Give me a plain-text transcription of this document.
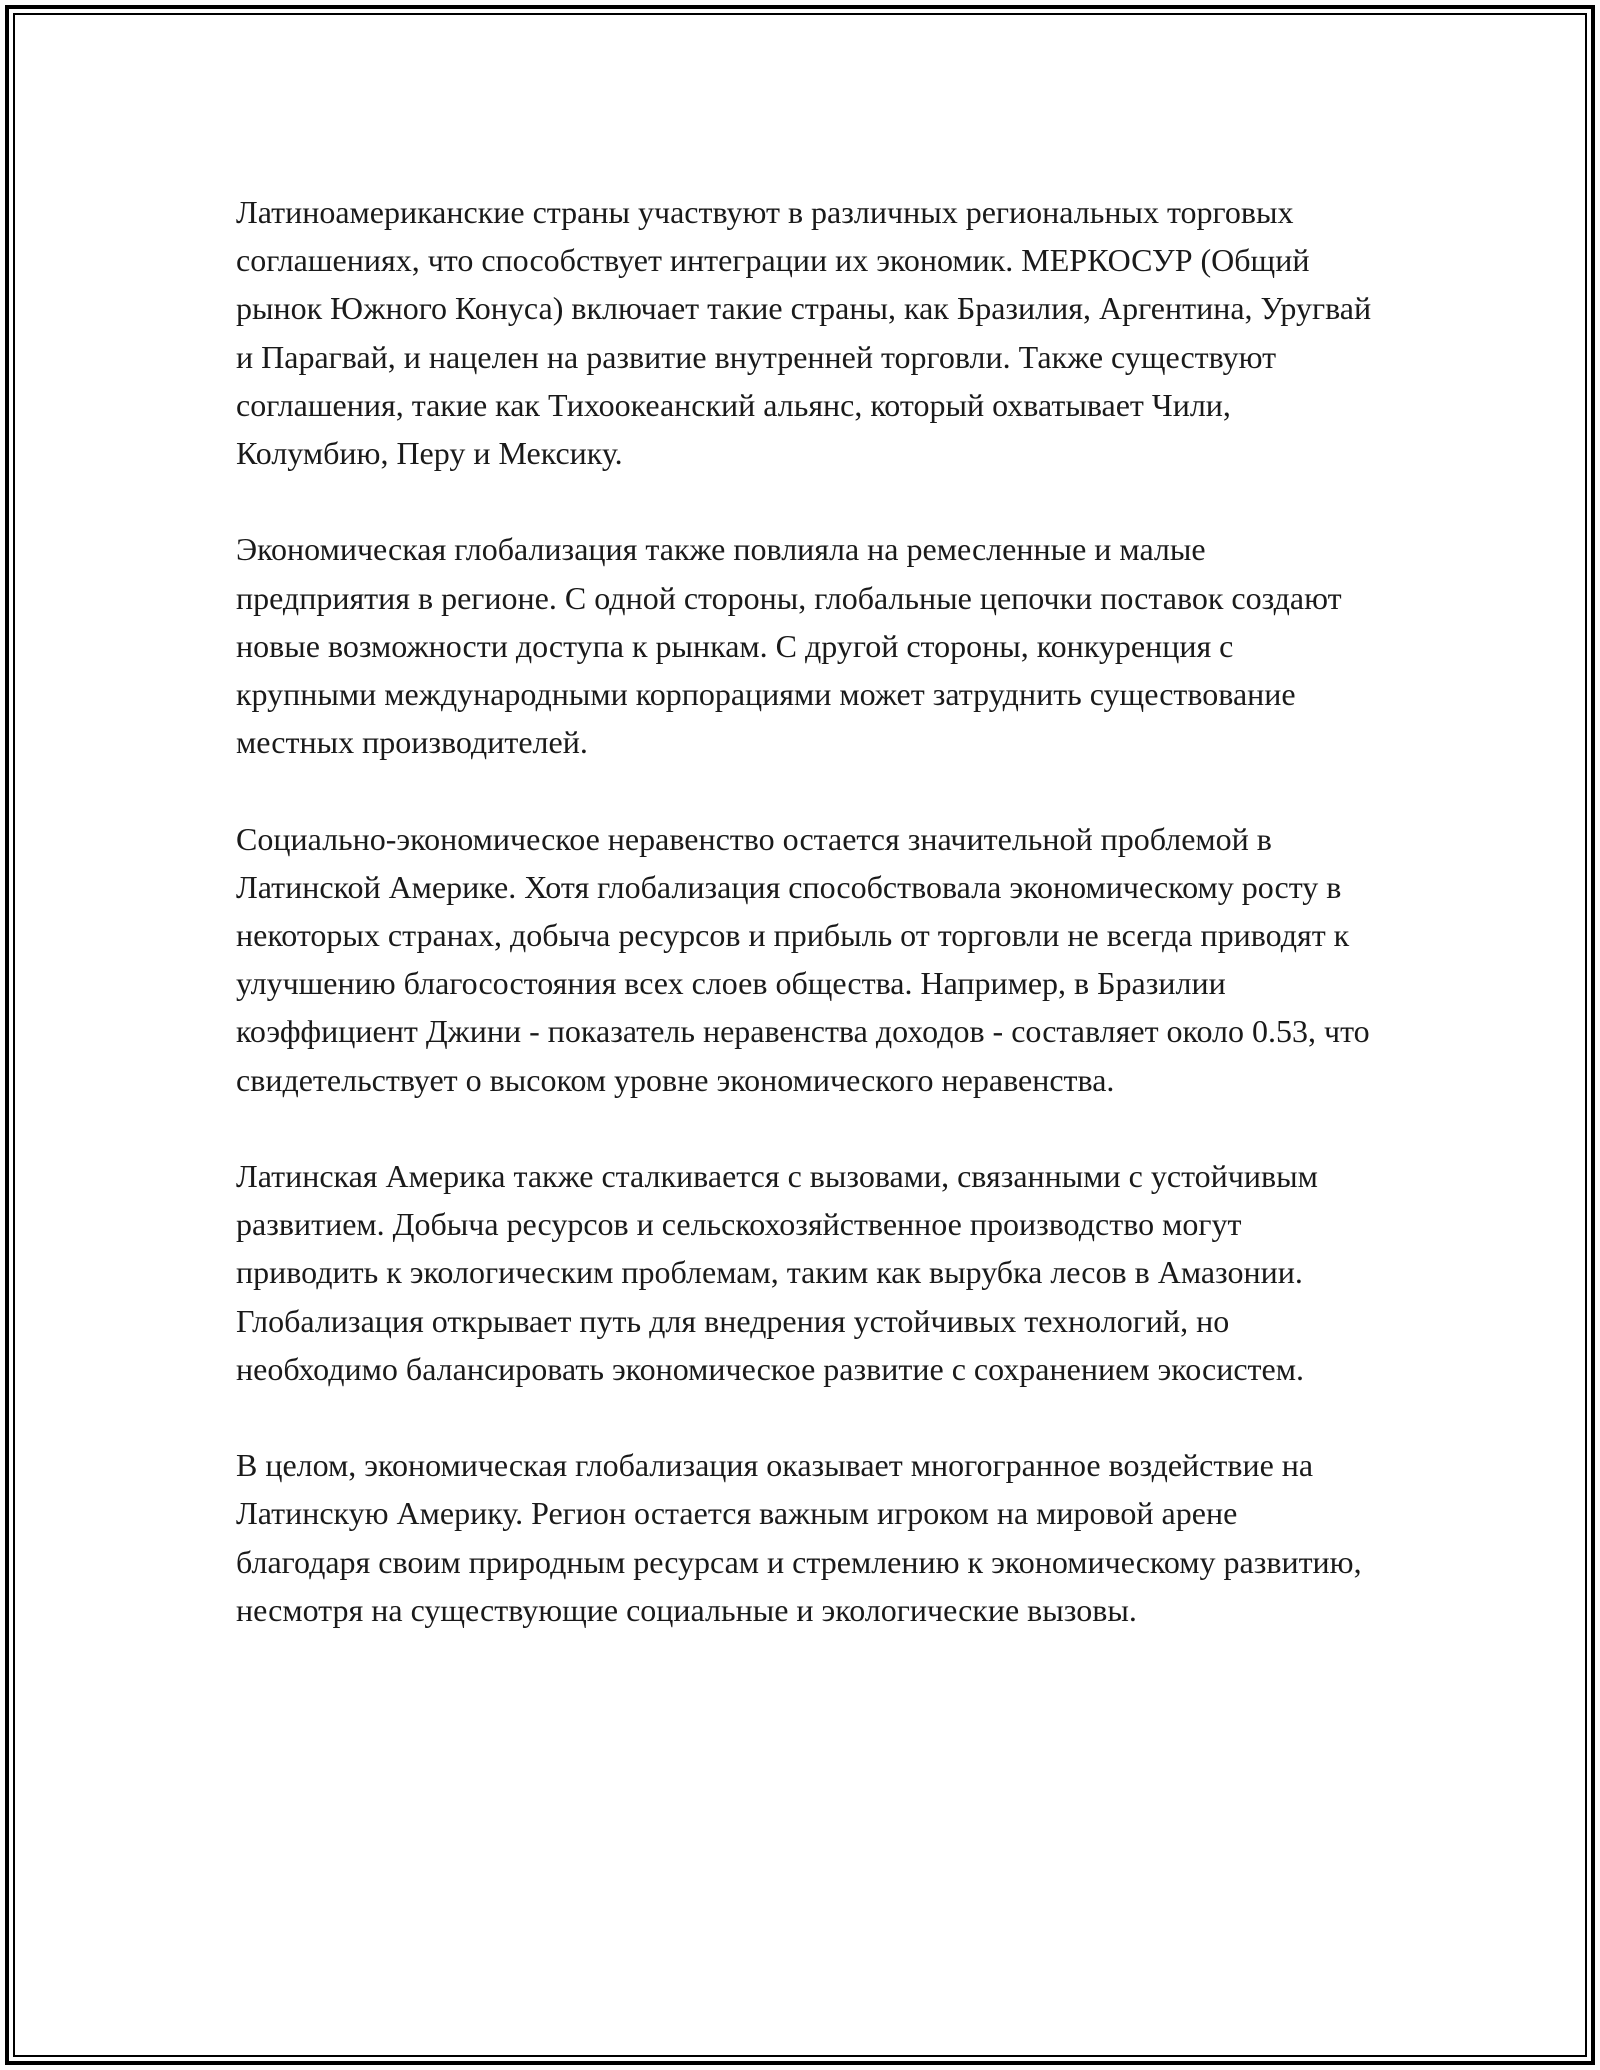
Латиноамериканские страны участвуют в различных региональных торговых соглашениях, что способствует интеграции их экономик. МЕРКОСУР (Общий рынок Южного Конуса) включает такие страны, как Бразилия, Аргентина, Уругвай и Парагвай, и нацелен на развитие внутренней торговли. Также существуют соглашения, такие как Тихоокеанский альянс, который охватывает Чили, Колумбию, Перу и Мексику.

Экономическая глобализация также повлияла на ремесленные и малые предприятия в регионе. С одной стороны, глобальные цепочки поставок создают новые возможности доступа к рынкам. С другой стороны, конкуренция с крупными международными корпорациями может затруднить существование местных производителей.

Социально-экономическое неравенство остается значительной проблемой в Латинской Америке. Хотя глобализация способствовала экономическому росту в некоторых странах, добыча ресурсов и прибыль от торговли не всегда приводят к улучшению благосостояния всех слоев общества. Например, в Бразилии коэффициент Джини - показатель неравенства доходов - составляет около 0.53, что свидетельствует о высоком уровне экономического неравенства.

Латинская Америка также сталкивается с вызовами, связанными с устойчивым развитием. Добыча ресурсов и сельскохозяйственное производство могут приводить к экологическим проблемам, таким как вырубка лесов в Амазонии. Глобализация открывает путь для внедрения устойчивых технологий, но необходимо балансировать экономическое развитие с сохранением экосистем.

В целом, экономическая глобализация оказывает многогранное воздействие на Латинскую Америку. Регион остается важным игроком на мировой арене благодаря своим природным ресурсам и стремлению к экономическому развитию, несмотря на существующие социальные и экологические вызовы.
